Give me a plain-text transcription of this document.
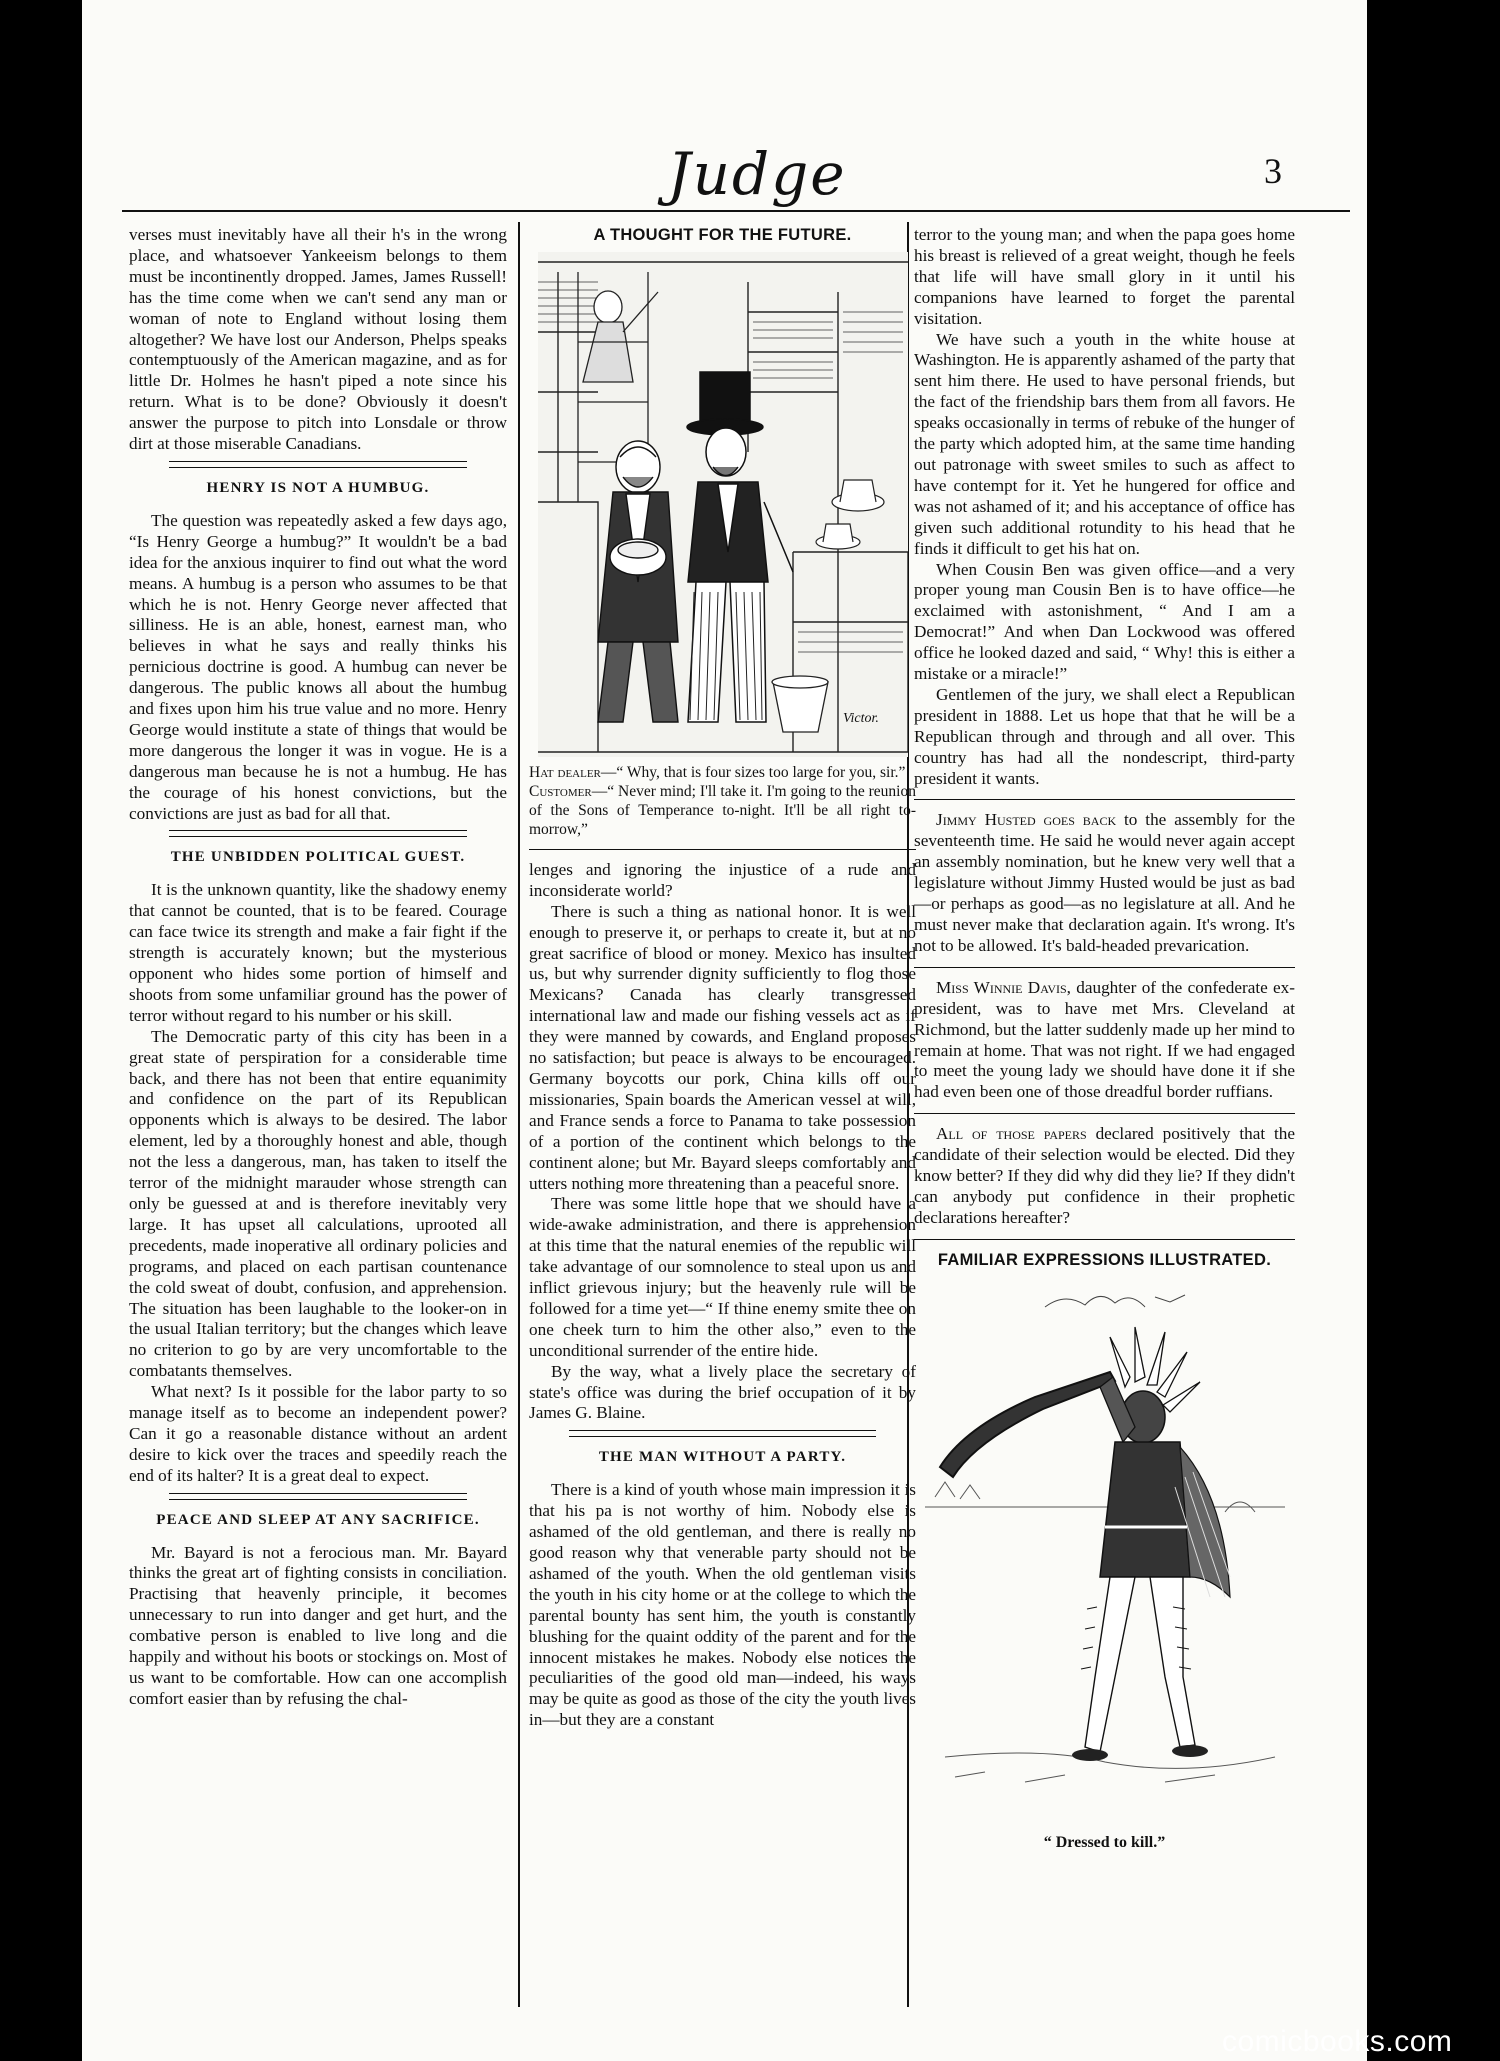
Judge	3

verses must inevitably have all their h's in the wrong place, and whatsoever Yankeeism belongs to them must be incontinently dropped. James, James Russell! has the time come when we can't send any man or woman of note to England without losing them altogether? We have lost our Anderson, Phelps speaks contemptuously of the American magazine, and as for little Dr. Holmes he hasn't piped a note since his return. What is to be done? Obviously it doesn't answer the purpose to pitch into Lonsdale or throw dirt at those miserable Canadians.

HENRY IS NOT A HUMBUG.

The question was repeatedly asked a few days ago, “Is Henry George a humbug?” It wouldn't be a bad idea for the anxious inquirer to find out what the word means. A humbug is a person who assumes to be that which he is not. Henry George never affected that silliness. He is an able, honest, earnest man, who believes in what he says and really thinks his pernicious doctrine is good. A humbug can never be dangerous. The public knows all about the humbug and fixes upon him his true value and no more. Henry George would institute a state of things that would be more dangerous the longer it was in vogue. He is a dangerous man because he is not a humbug. He has the courage of his honest convictions, but the convictions are just as bad for all that.

THE UNBIDDEN POLITICAL GUEST.

It is the unknown quantity, like the shadowy enemy that cannot be counted, that is to be feared. Courage can face twice its strength and make a fair fight if the strength is accurately known; but the mysterious opponent who hides some portion of himself and shoots from some unfamiliar ground has the power of terror without regard to his number or his skill.

The Democratic party of this city has been in a great state of perspiration for a considerable time back, and there has not been that entire equanimity and confidence on the part of its Republican opponents which is always to be desired. The labor element, led by a thoroughly honest and able, though not the less a dangerous, man, has taken to itself the terror of the midnight marauder whose strength can only be guessed at and is therefore inevitably very large. It has upset all calculations, uprooted all precedents, made inoperative all ordinary policies and programs, and placed on each partisan countenance the cold sweat of doubt, confusion, and apprehension. The situation has been laughable to the looker-on in the usual Italian territory; but the changes which leave no criterion to go by are very uncomfortable to the combatants themselves.

What next? Is it possible for the labor party to so manage itself as to become an independent power? Can it go a reasonable distance without an ardent desire to kick over the traces and speedily reach the end of its halter? It is a great deal to expect.

PEACE AND SLEEP AT ANY SACRIFICE.

Mr. Bayard is not a ferocious man. Mr. Bayard thinks the great art of fighting consists in conciliation. Practising that heavenly principle, it becomes unnecessary to run into danger and get hurt, and the combative person is enabled to live long and die happily and without his boots or stockings on. Most of us want to be comfortable. How can one accomplish comfort easier than by refusing the chal-

A THOUGHT FOR THE FUTURE.
Victor.

Hat dealer—“ Why, that is four sizes too large for you, sir.”

Customer—“ Never mind; I'll take it. I'm going to the reunion of the Sons of Temperance to-night. It'll be all right to-morrow,”

lenges and ignoring the injustice of a rude and inconsiderate world?

There is such a thing as national honor. It is well enough to preserve it, or perhaps to create it, but at no great sacrifice of blood or money. Mexico has insulted us, but why surrender dignity sufficiently to flog those Mexicans? Canada has clearly transgressed international law and made our fishing vessels act as if they were manned by cowards, and England proposes no satisfaction; but peace is always to be encouraged. Germany boycotts our pork, China kills off our missionaries, Spain boards the American vessel at will, and France sends a force to Panama to take possession of a portion of the continent which belongs to the continent alone; but Mr. Bayard sleeps comfortably and utters nothing more threatening than a peaceful snore.

There was some little hope that we should have a wide-awake administration, and there is apprehension at this time that the natural enemies of the republic will take advantage of our somnolence to steal upon us and inflict grievous injury; but the heavenly rule will be followed for a time yet—“ If thine enemy smite thee on one cheek turn to him the other also,” even to the unconditional surrender of the entire hide.

By the way, what a lively place the secretary of state's office was during the brief occupation of it by James G. Blaine.

THE MAN WITHOUT A PARTY.

There is a kind of youth whose main impression it is that his pa is not worthy of him. Nobody else is ashamed of the old gentleman, and there is really no good reason why that venerable party should not be ashamed of the youth. When the old gentleman visits the youth in his city home or at the college to which the parental bounty has sent him, the youth is constantly blushing for the quaint oddity of the parent and for the innocent mistakes he makes. Nobody else notices the peculiarities of the good old man—indeed, his ways may be quite as good as those of the city the youth lives in—but they are a constant

terror to the young man; and when the papa goes home his breast is relieved of a great weight, though he feels that life will have small glory in it until his companions have learned to forget the parental visitation.

We have such a youth in the white house at Washington. He is apparently ashamed of the party that sent him there. He used to have personal friends, but the fact of the friendship bars them from all favors. He speaks occasionally in terms of rebuke of the hunger of the party which adopted him, at the same time handing out patronage with sweet smiles to such as affect to have contempt for it. Yet he hungered for office and was not ashamed of it; and his acceptance of office has given such additional rotundity to his head that he finds it difficult to get his hat on.

When Cousin Ben was given office—and a very proper young man Cousin Ben is to have office—he exclaimed with astonishment, “ And I am a Democrat!” And when Dan Lockwood was offered office he looked dazed and said, “ Why! this is either a mistake or a miracle!”

Gentlemen of the jury, we shall elect a Republican president in 1888. Let us hope that that he will be a Republican through and through and all over. This country has had all the nondescript, third-party president it wants.

Jimmy Husted goes back to the assembly for the seventeenth time. He said he would never again accept an assembly nomination, but he knew very well that a legislature without Jimmy Husted would be just as bad—or perhaps as good—as no legislature at all. And he must never make that declaration again. It's wrong. It's not to be allowed. It's bald-headed prevarication.

Miss Winnie Davis, daughter of the confederate ex-president, was to have met Mrs. Cleveland at Richmond, but the latter suddenly made up her mind to remain at home. That was not right. If we had engaged to meet the young lady we should have done it if she had even been one of those dreadful border ruffians.

All of those papers declared positively that the candidate of their selection would be elected. Did they know better? If they did why did they lie? If they didn't can anybody put confidence in their prophetic declarations hereafter?

FAMILIAR EXPRESSIONS ILLUSTRATED.
“ Dressed to kill.”
comicbooks.com
